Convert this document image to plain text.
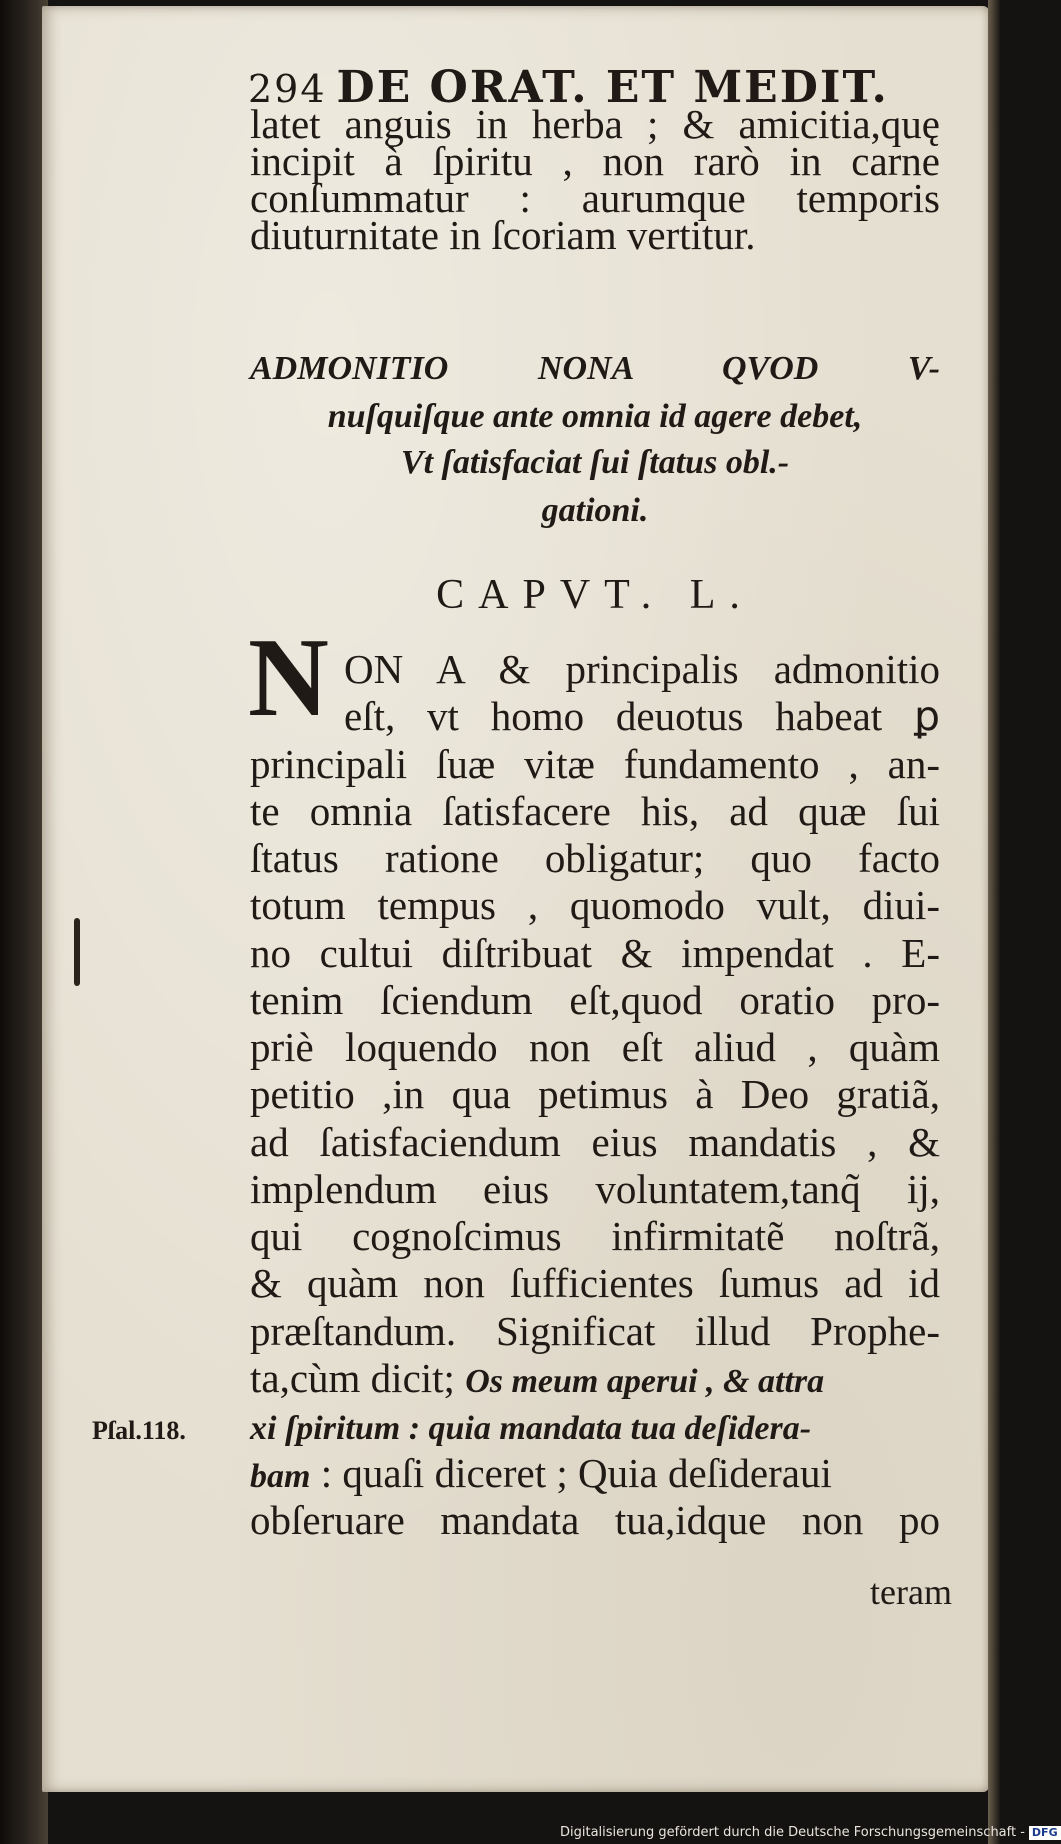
294 DE ORAT. ET MEDIT.
latet anguis in herba ; & amicitia,quę
incipit à ſpiritu , non rarò in carne
conſummatur : aurumque temporis
diuturnitate in ſcoriam vertitur.
ADMONITIO NONA QVOD V-
nuſquiſque ante omnia id agere debet,
Vt ſatisfaciat ſui ſtatus obl.-
gationi.
CAPVT. L.
N ON A & principalis admonitio
eſt, vt homo deuotus habeat ꝑ
principali ſuæ vitæ fundamento , an-
te omnia ſatisfacere his, ad quæ ſui
ſtatus ratione obligatur; quo facto
totum tempus , quomodo vult, diui-
no cultui diſtribuat & impendat . E-
tenim ſciendum eſt,quod oratio pro-
priè loquendo non eſt aliud , quàm
petitio ,in qua petimus à Deo gratiã,
ad ſatisfaciendum eius mandatis , &
implendum eius voluntatem,tanq̃ ij,
qui cognoſcimus infirmitatẽ noſtrã,
& quàm non ſufficientes ſumus ad id
præſtandum. Significat illud Prophe-
ta,cùm dicit; Os meum aperui , & attra
xi ſpiritum : quia mandata tua deſidera-
bam : quaſi diceret ; Quia deſideraui
obſeruare mandata tua,idque non po
teram
Pſal.118.
Digitalisierung gefördert durch die Deutsche Forschungsgemeinschaft - DFG
